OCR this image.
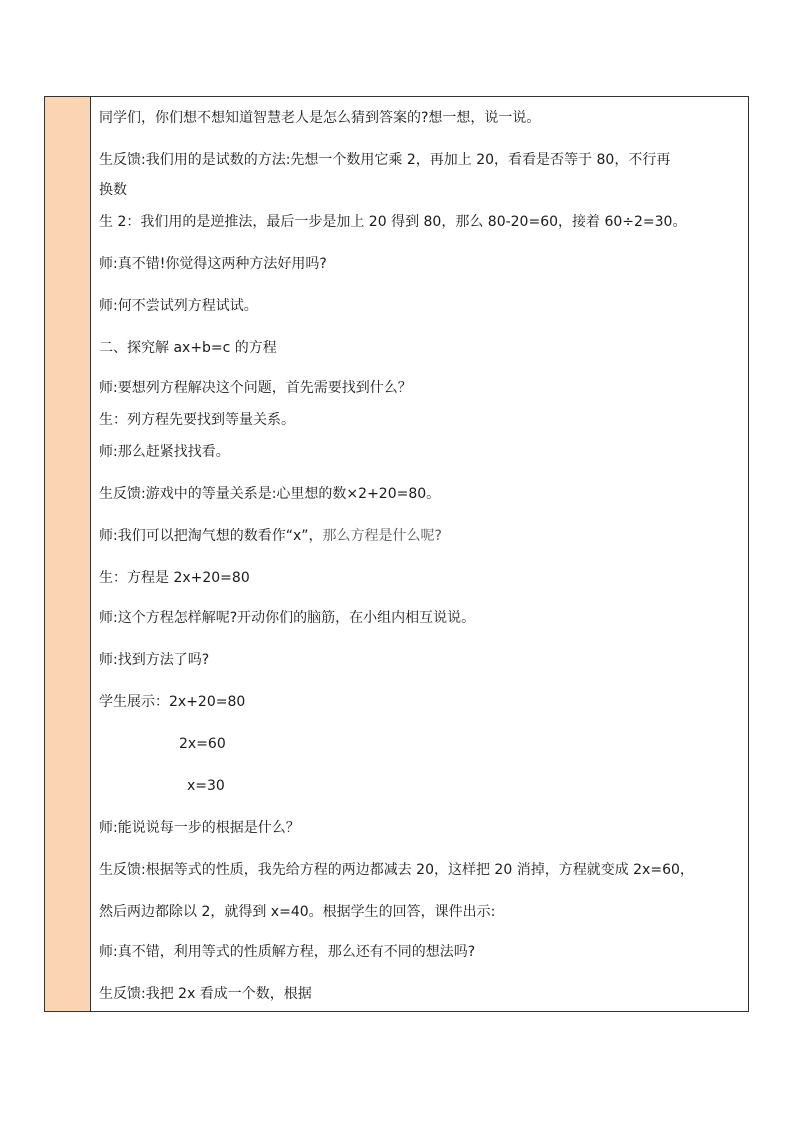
同学们，你们想不想知道智慧老人是怎么猜到答案的?想一想，说一说。
生反馈:我们用的是试数的方法:先想一个数用它乘 2，再加上 20，看看是否等于 80，不行再
换数
生 2：我们用的是逆推法，最后一步是加上 20 得到 80，那么 80-20=60，接着 60÷2=30。
师:真不错!你觉得这两种方法好用吗?
师:何不尝试列方程试试。
二、探究解 ax+b=c 的方程
师:要想列方程解决这个问题，首先需要找到什么？
生：列方程先要找到等量关系。
师:那么赶紧找找看。
生反馈:游戏中的等量关系是:心里想的数×2+20=80。
师:我们可以把淘气想的数看作“x”，那么方程是什么呢?
生：方程是 2x+20=80
师:这个方程怎样解呢?开动你们的脑筋，在小组内相互说说。
师:找到方法了吗?
学生展示：2x+20=80
2x=60
x=30
师:能说说每一步的根据是什么？
生反馈:根据等式的性质，我先给方程的两边都减去 20，这样把 20 消掉，方程就变成 2x=60，
然后两边都除以 2，就得到 x=40。根据学生的回答，课件出示:
师:真不错，利用等式的性质解方程，那么还有不同的想法吗?
生反馈:我把 2x 看成一个数，根据
